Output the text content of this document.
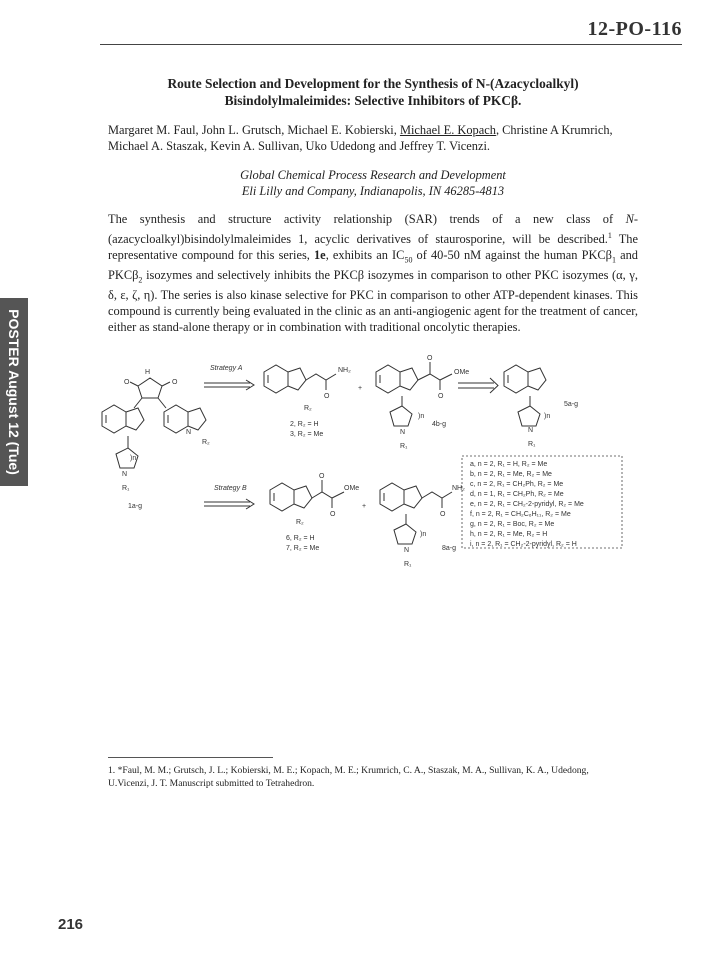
12-PO-116
Route Selection and Development for the Synthesis of N-(Azacycloalkyl)
Bisindolylmaleimides: Selective Inhibitors of PKCβ.
Margaret M. Faul, John L. Grutsch, Michael E. Kobierski, Michael E. Kopach, Christine A Krumrich, Michael A. Staszak, Kevin A. Sullivan, Uko Udedong and Jeffrey T. Vicenzi.
Global Chemical Process Research and Development
Eli Lilly and Company, Indianapolis, IN 46285-4813
The synthesis and structure activity relationship (SAR) trends of a new class of N-(azacycloalkyl)bisindolylmaleimides 1, acyclic derivatives of staurosporine, will be described.$^1$ The representative compound for this series, 1e, exhibits an $IC_{50}$ of 40-50 nM against the human PKCβ$_1$ and PKCβ$_2$ isozymes and selectively inhibits the PKCβ isozymes in comparison to other PKC isozymes (α, γ, δ, ε, ζ, η). The series is also kinase selective for PKC in comparison to other ATP-dependent kinases. This compound is currently being evaluated in the clinic as an anti-angiogenic agent for the treatment of cancer, either as stand-alone therapy or in combination with traditional oncolytic therapies.
POSTER August 12 (Tue)	H
O	O
R₂
N
)n
N
R₁
1a-g
Strategy A
O
NH₂
R₂
2, R₂ = H
3, R₂ = Me
+
O
O
OMe
)n
N
R₁
4b-g
)n
N
R₁
5a-g
Strategy B
O
O
OMe
R₂
6, R₂ = H
7, R₂ = Me
+
O
NH₂
)n
N
R₁
8a-g
a, n = 2, R₁ = H, R₂ = Me
b, n = 2, R₁ = Me, R₂ = Me
c, n = 2, R₁ = CH₂Ph, R₂ = Me
d, n = 1, R₁ = CH₂Ph, R₂ = Me
e, n = 2, R₁ = CH₂-2-pyridyl, R₂ = Me
f, n = 2, R₁ = CH₂C₆H₁₁, R₂ = Me
g, n = 2, R₁ = Boc, R₂ = Me
h, n = 2, R₁ = Me, R₂ = H
i, n = 2, R₁ = CH₂-2-pyridyl, R₂ = H
1. *Faul, M. M.; Grutsch, J. L.; Kobierski, M. E.; Kopach, M. E.; Krumrich, C. A., Staszak, M. A., Sullivan, K. A., Udedong, U.Vicenzi, J. T. Manuscript submitted to Tetrahedron.
216
